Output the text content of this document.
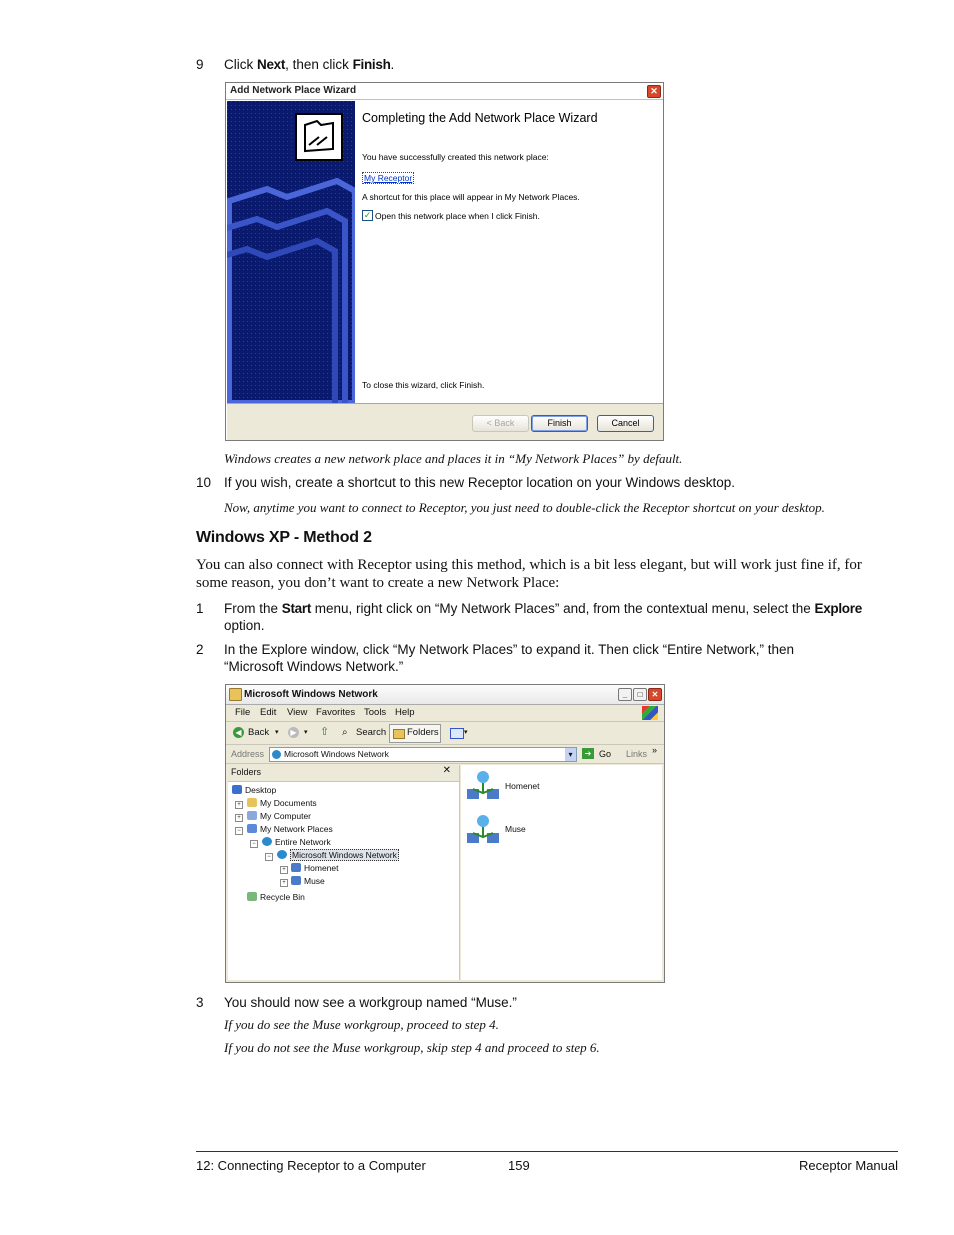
9 Click Next, then click Finish.
Add Network Place Wizard	✕
Completing the Add Network Place Wizard
You have successfully created this network place:
My Receptor
A shortcut for this place will appear in My Network Places.
✓ Open this network place when I click Finish.
To close this wizard, click Finish.
< Back	Finish	Cancel
Windows creates a new network place and places it in “My Network Places” by default.
10 If you wish, create a shortcut to this new Receptor location on your Windows desktop.
Now, anytime you want to connect to Receptor, you just need to double-click the Receptor shortcut on your desktop.
Windows XP - Method 2
You can also connect with Receptor using this method, which is a bit less elegant, but will work just fine if, for some reason, you don’t want to create a new Network Place:
1 From the Start menu, right click on “My Network Places” and, from the contextual menu, select the Explore
option.
2 In the Explore window, click “My Network Places” to expand it. Then click “Entire Network,” then
“Microsoft Windows Network.”
Microsoft Windows Network	_	□	✕
File Edit View Favorites Tools Help
◀ Back ▾	▶	▾ ⇧ ⌕ Search Folders	▾
Address Microsoft Windows Network	▾	➔ Go Links »
Folders	✕
Desktop
+	My Documents
+	My Computer
−	My Network Places
−	Entire Network
−	Microsoft Windows Network
+	Homenet
+	Muse
Recycle Bin
Homenet
Muse
3 You should now see a workgroup named “Muse.”
If you do see the Muse workgroup, proceed to step 4.
If you do not see the Muse workgroup, skip step 4 and proceed to step 6.
12: Connecting Receptor to a Computer	159	Receptor Manual
